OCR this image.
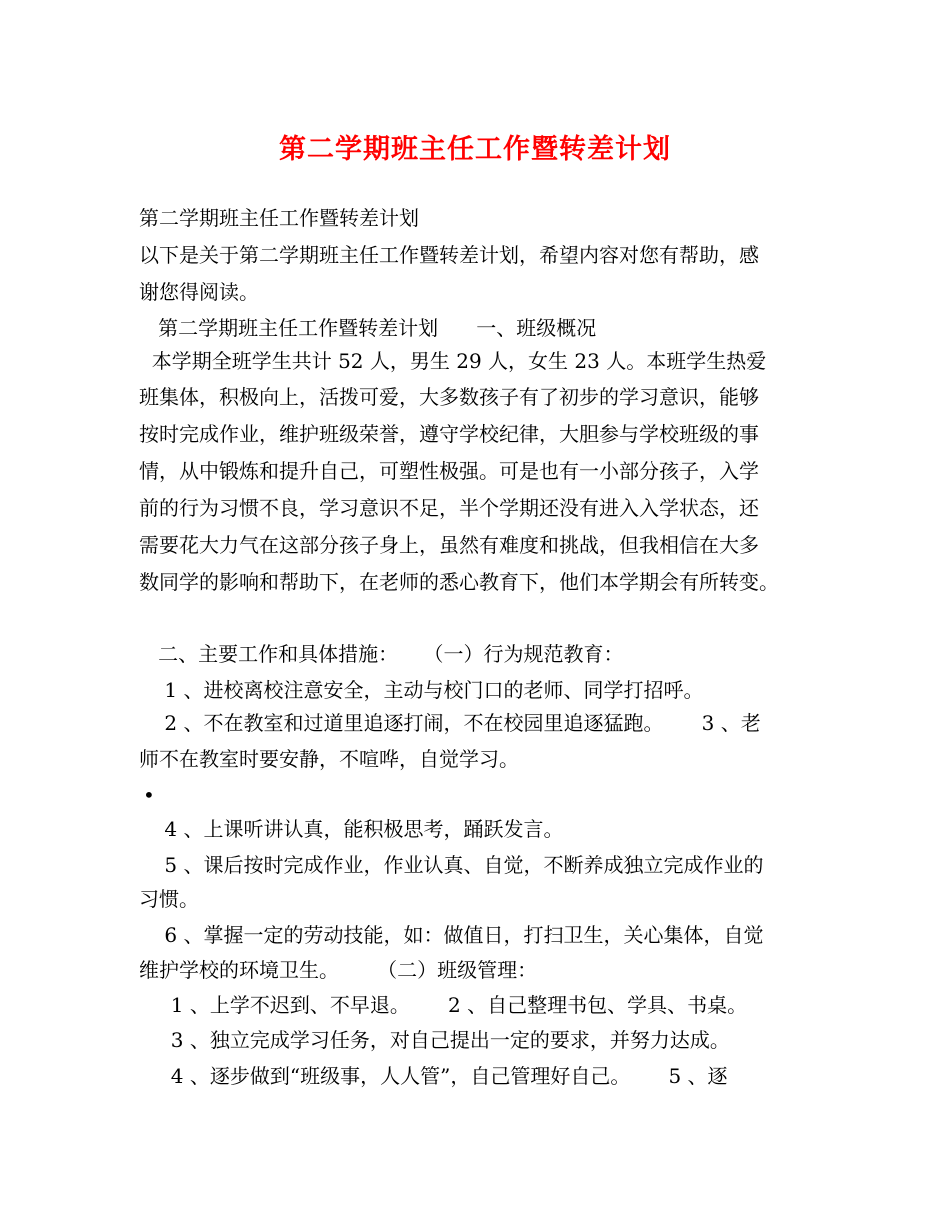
第二学期班主任工作暨转差计划
第二学期班主任工作暨转差计划
以下是关于第二学期班主任工作暨转差计划，希望内容对您有帮助，感
谢您得阅读。
第二学期班主任工作暨转差计划      一、班级概况
本学期全班学生共计 52 人，男生 29 人，女生 23 人。本班学生热爱
班集体，积极向上，活拨可爱，大多数孩子有了初步的学习意识，能够
按时完成作业，维护班级荣誉，遵守学校纪律，大胆参与学校班级的事
情，从中锻炼和提升自己，可塑性极强。可是也有一小部分孩子，入学
前的行为习惯不良，学习意识不足，半个学期还没有进入入学状态，还
需要花大力气在这部分孩子身上，虽然有难度和挑战，但我相信在大多
数同学的影响和帮助下，在老师的悉心教育下，他们本学期会有所转变。
二、主要工作和具体措施：    （一）行为规范教育：
1 、进校离校注意安全，主动与校门口的老师、同学打招呼。
2 、不在教室和过道里追逐打闹，不在校园里追逐猛跑。      3 、老
师不在教室时要安静，不喧哗，自觉学习。
•
4 、上课听讲认真，能积极思考，踊跃发言。
5 、课后按时完成作业，作业认真、自觉，不断养成独立完成作业的
习惯。
6 、掌握一定的劳动技能，如：做值日，打扫卫生，关心集体，自觉
维护学校的环境卫生。      （二）班级管理：
1 、上学不迟到、不早退。      2 、自己整理书包、学具、书桌。
3 、独立完成学习任务，对自己提出一定的要求，并努力达成。
4 、逐步做到“班级事，人人管”，自己管理好自己。      5 、逐
